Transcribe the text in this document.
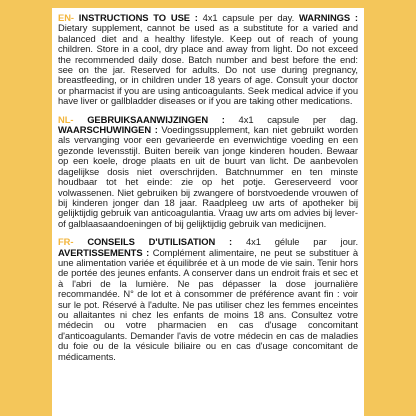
EN- INSTRUCTIONS TO USE : 4x1 capsule per day. WARNINGS : Dietary supplement, cannot be used as a substitute for a varied and balanced diet and a healthy lifestyle. Keep out of reach of young children. Store in a cool, dry place and away from light. Do not exceed the recommended daily dose. Batch number and best before the end: see on the jar. Reserved for adults. Do not use during pregnancy, breastfeeding, or in children under 18 years of age. Consult your doctor or pharmacist if you are using anticoagulants. Seek medical advice if you have liver or gallbladder diseases or if you are taking other medications.

NL- GEBRUIKSAANWIJZINGEN : 4x1 capsule per dag. WAARSCHUWINGEN : Voedingssupplement, kan niet gebruikt worden als vervanging voor een gevarieerde en evenwichtige voeding en een gezonde levensstijl. Buiten bereik van jonge kinderen houden. Bewaar op een koele, droge plaats en uit de buurt van licht. De aanbevolen dagelijkse dosis niet overschrijden. Batchnummer en ten minste houdbaar tot het einde: zie op het potje. Gereserveerd voor volwassenen. Niet gebruiken bij zwangere of borstvoedende vrouwen of bij kinderen jonger dan 18 jaar. Raadpleeg uw arts of apotheker bij gelijktijdig gebruik van anticoagulantia. Vraag uw arts om advies bij lever- of galblaasaandoeningen of bij gelijktijdig gebruik van medicijnen.

FR- CONSEILS D'UTILISATION : 4x1 gélule par jour. AVERTISSEMENTS : Complément alimentaire, ne peut se substituer à une alimentation variée et équilibrée et à un mode de vie sain. Tenir hors de portée des jeunes enfants. A conserver dans un endroit frais et sec et à l'abri de la lumière. Ne pas dépasser la dose journalière recommandée. N° de lot et à consommer de préférence avant fin : voir sur le pot. Réservé à l'adulte. Ne pas utiliser chez les femmes enceintes ou allaitantes ni chez les enfants de moins 18 ans. Consultez votre médecin ou votre pharmacien en cas d'usage concomitant d'anticoagulants. Demander l'avis de votre médecin en cas de maladies du foie ou de la vésicule biliaire ou en cas d'usage concomitant de médicaments.
